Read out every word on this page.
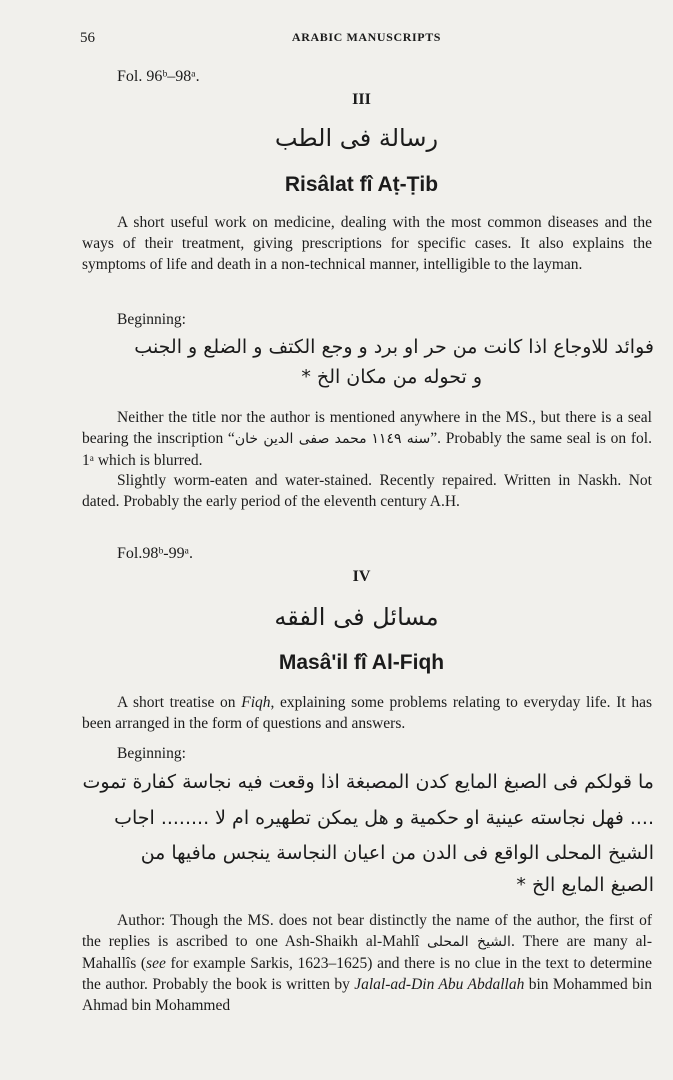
56	ARABIC MANUSCRIPTS
Fol. 96ᵇ–98ᵃ.
III
رسالة فى الطب
Risâlat fî Aṭ-Ṭib

A short useful work on medicine, dealing with the most common diseases and the ways of their treatment, giving prescriptions for specific cases. It also explains the symptoms of life and death in a non-technical manner, intelligible to the layman.

Beginning:
فوائد للاوجاع اذا كانت من حر او برد و وجع الكتف و الضلع و الجنب
و تحوله من مكان الخ *

Neither the title nor the author is mentioned anywhere in the MS., but there is a seal bearing the inscription “محمد صفى الدين خان سنه ١١٤٩”. Probably the same seal is on fol. 1ᵃ which is blurred.

Slightly worm-eaten and water-stained. Recently repaired. Written in Naskh. Not dated. Probably the early period of the eleventh century A.H.

Fol.98ᵇ-99ᵃ.
IV
مسائل فى الفقه
Masâ'il fî Al-Fiqh

A short treatise on Fiqh, explaining some problems relating to everyday life. It has been arranged in the form of questions and answers.

Beginning:
ما قولكم فى الصبغ المايع كدن المصبغة اذا وقعت فيه نجاسة كفارة تموت
.... فهل نجاسته عينية او حكمية و هل يمكن تطهيره ام لا ........ اجاب
الشيخ المحلى الواقع فى الدن من اعيان النجاسة ينجس مافيها من
الصبغ المايع الخ *

Author: Though the MS. does not bear distinctly the name of the author, the first of the replies is ascribed to one Ash-Shaikh al-Mahlî الشيخ المحلى. There are many al-Mahallîs (see for example Sarkis, 1623–1625) and there is no clue in the text to determine the author. Probably the book is written by Jalal-ad-Din Abu Abdallah bin Mohammed bin Ahmad bin Mohammed
